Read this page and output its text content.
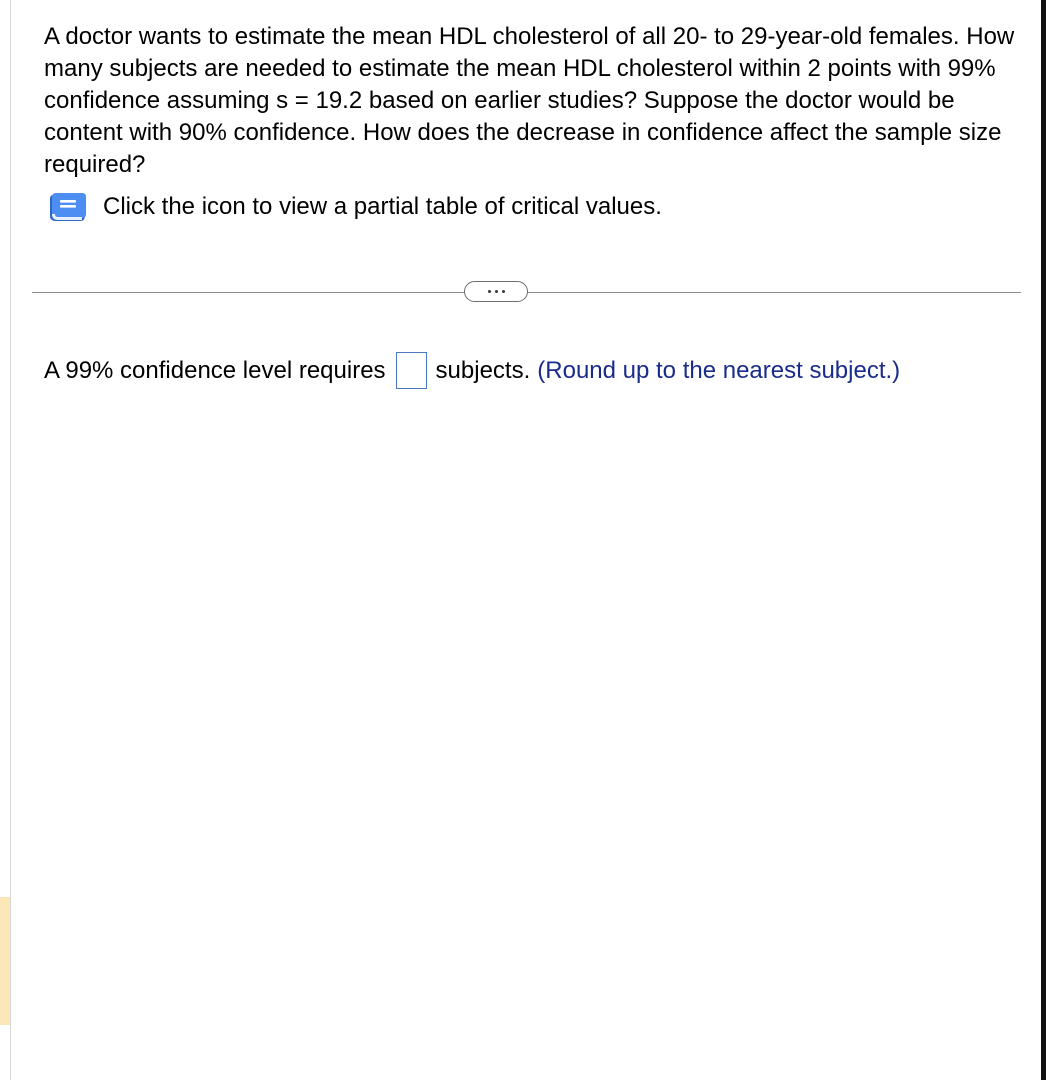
A doctor wants to estimate the mean HDL cholesterol of all 20- to 29-year-old females. How many subjects are needed to estimate the mean HDL cholesterol within 2 points with 99% confidence assuming s = 19.2 based on earlier studies? Suppose the doctor would be content with 90% confidence. How does the decrease in confidence affect the sample size required?

Click the icon to view a partial table of critical values.
A 99% confidence level requires subjects. (Round up to the nearest subject.)
